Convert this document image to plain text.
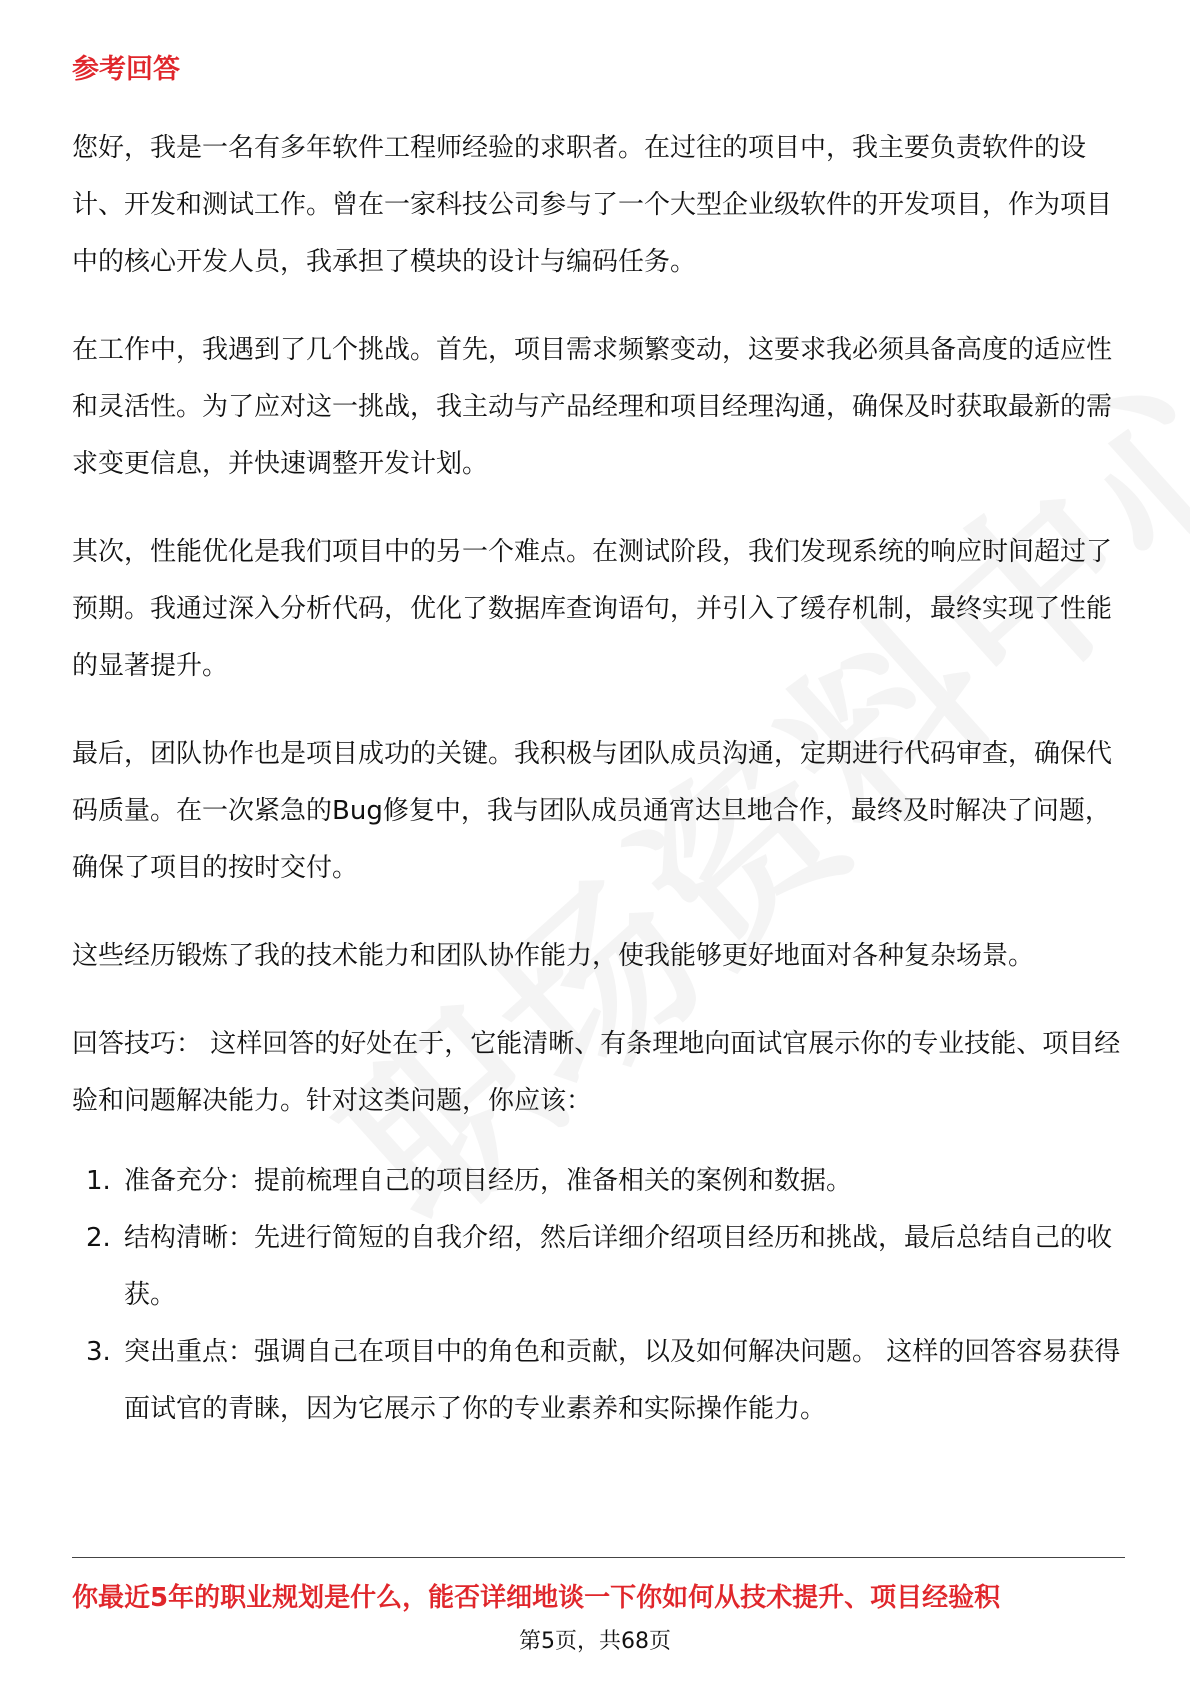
参考回答

您好，我是一名有多年软件工程师经验的求职者。在过往的项目中，我主要负责软件的设计、开发和测试工作。曾在一家科技公司参与了一个大型企业级软件的开发项目，作为项目中的核心开发人员，我承担了模块的设计与编码任务。

在工作中，我遇到了几个挑战。首先，项目需求频繁变动，这要求我必须具备高度的适应性和灵活性。为了应对这一挑战，我主动与产品经理和项目经理沟通，确保及时获取最新的需求变更信息，并快速调整开发计划。

其次，性能优化是我们项目中的另一个难点。在测试阶段，我们发现系统的响应时间超过了预期。我通过深入分析代码，优化了数据库查询语句，并引入了缓存机制，最终实现了性能的显著提升。

最后，团队协作也是项目成功的关键。我积极与团队成员沟通，定期进行代码审查，确保代码质量。在一次紧急的Bug修复中，我与团队成员通宵达旦地合作，最终及时解决了问题，确保了项目的按时交付。

这些经历锻炼了我的技术能力和团队协作能力，使我能够更好地面对各种复杂场景。

回答技巧： 这样回答的好处在于，它能清晰、有条理地向面试官展示你的专业技能、项目经验和问题解决能力。针对这类问题，你应该：

1. 准备充分：提前梳理自己的项目经历，准备相关的案例和数据。
2. 结构清晰：先进行简短的自我介绍，然后详细介绍项目经历和挑战，最后总结自己的收获。
3. 突出重点：强调自己在项目中的角色和贡献，以及如何解决问题。 这样的回答容易获得面试官的青睐，因为它展示了你的专业素养和实际操作能力。
你最近5年的职业规划是什么，能否详细地谈一下你如何从技术提升、项目经验积
第5页，共68页
